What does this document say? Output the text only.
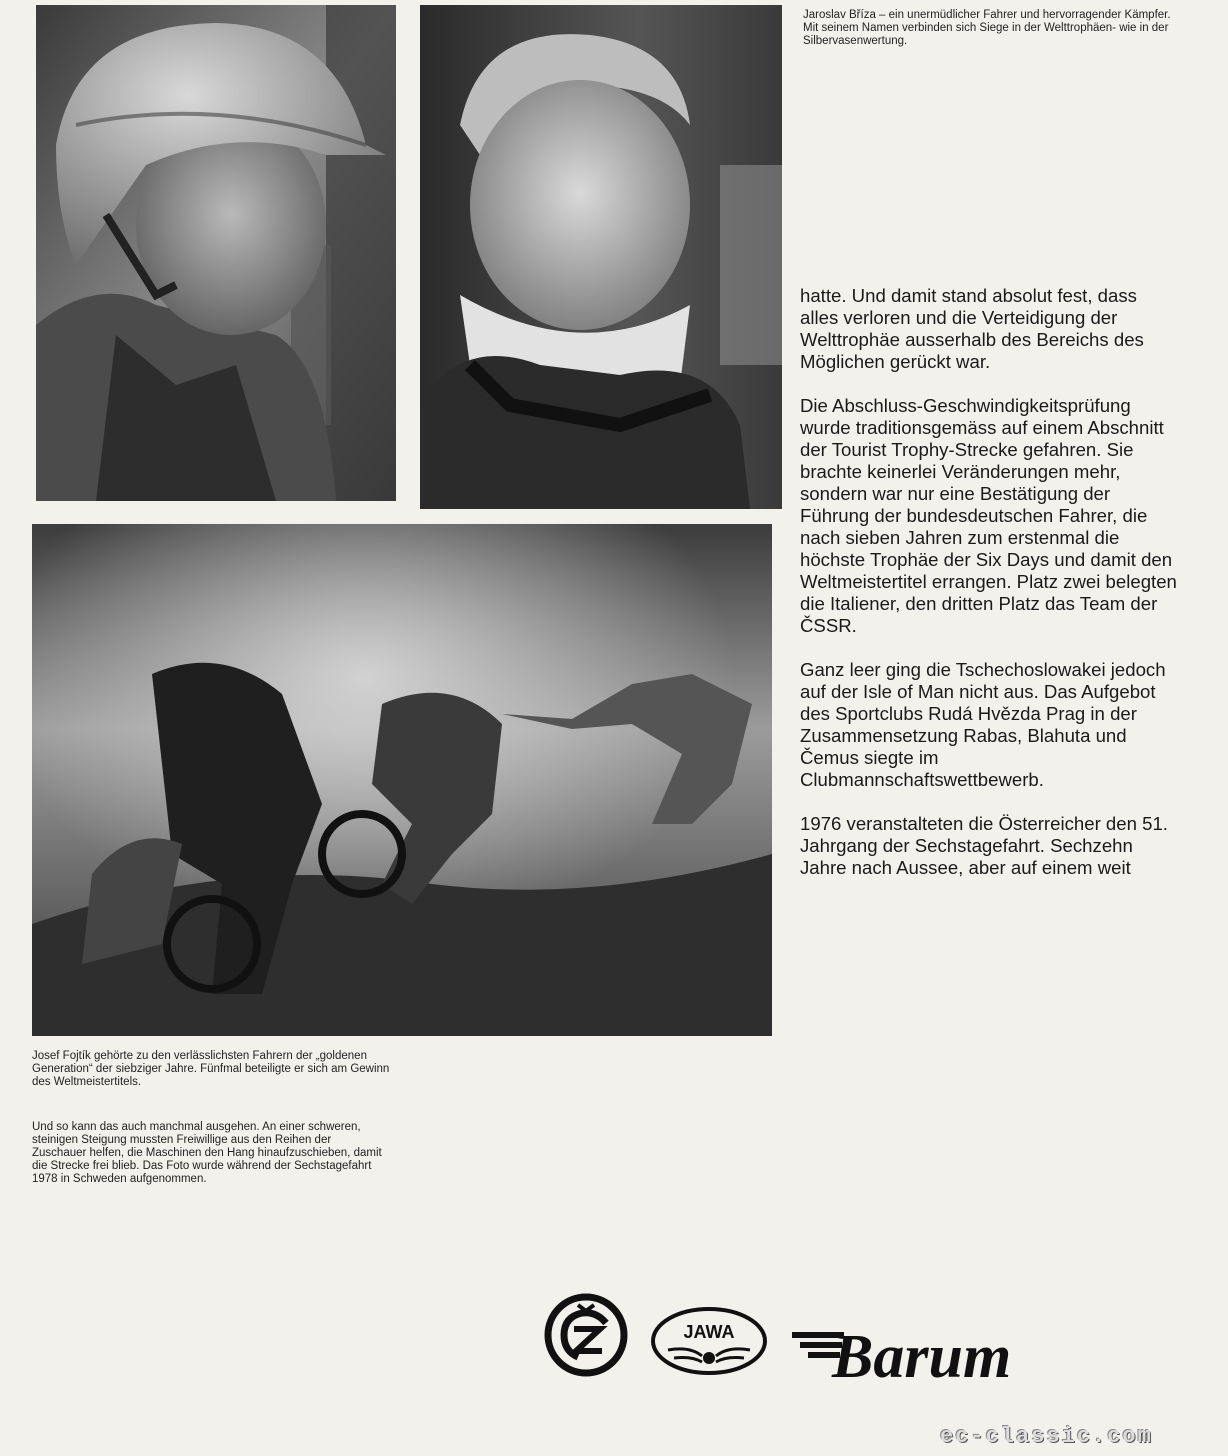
Jaroslav Bříza – ein unermüdlicher Fahrer und hervorragender Kämpfer. Mit seinem Namen verbinden sich Siege in der Welttrophäen- wie in der Silbervasenwertung.
Josef Fojtík gehörte zu den verlässlichsten Fahrern der „goldenen Generation“ der siebziger Jahre. Fünfmal beteiligte er sich am Gewinn des Weltmeistertitels.
Und so kann das auch manchmal ausgehen. An einer schweren, steinigen Steigung mussten Freiwillige aus den Reihen der Zuschauer helfen, die Maschinen den Hang hinaufzuschieben, damit die Strecke frei blieb. Das Foto wurde während der Sechstagefahrt 1978 in Schweden aufgenommen.

hatte. Und damit stand absolut fest, dass alles verloren und die Verteidigung der Welttrophäe ausserhalb des Bereichs des Möglichen gerückt war.

Die Abschluss-Geschwindigkeitsprüfung wurde traditionsgemäss auf einem Abschnitt der Tourist Trophy-Strecke gefahren. Sie brachte keinerlei Veränderungen mehr, sondern war nur eine Bestätigung der Führung der bundesdeutschen Fahrer, die nach sieben Jahren zum erstenmal die höchste Trophäe der Six Days und damit den Weltmeistertitel errangen. Platz zwei belegten die Italiener, den dritten Platz das Team der ČSSR.

Ganz leer ging die Tschechoslowakei jedoch auf der Isle of Man nicht aus. Das Aufgebot des Sportclubs Rudá Hvězda Prag in der Zusammensetzung Rabas, Blahuta und Čemus siegte im Clubmannschaftswettbewerb.

1976 veranstalteten die Österreicher den 51. Jahrgang der Sechstagefahrt. Sechzehn Jahre nach Aussee, aber auf einem weit

JAWA Barum
ec-classic.com
